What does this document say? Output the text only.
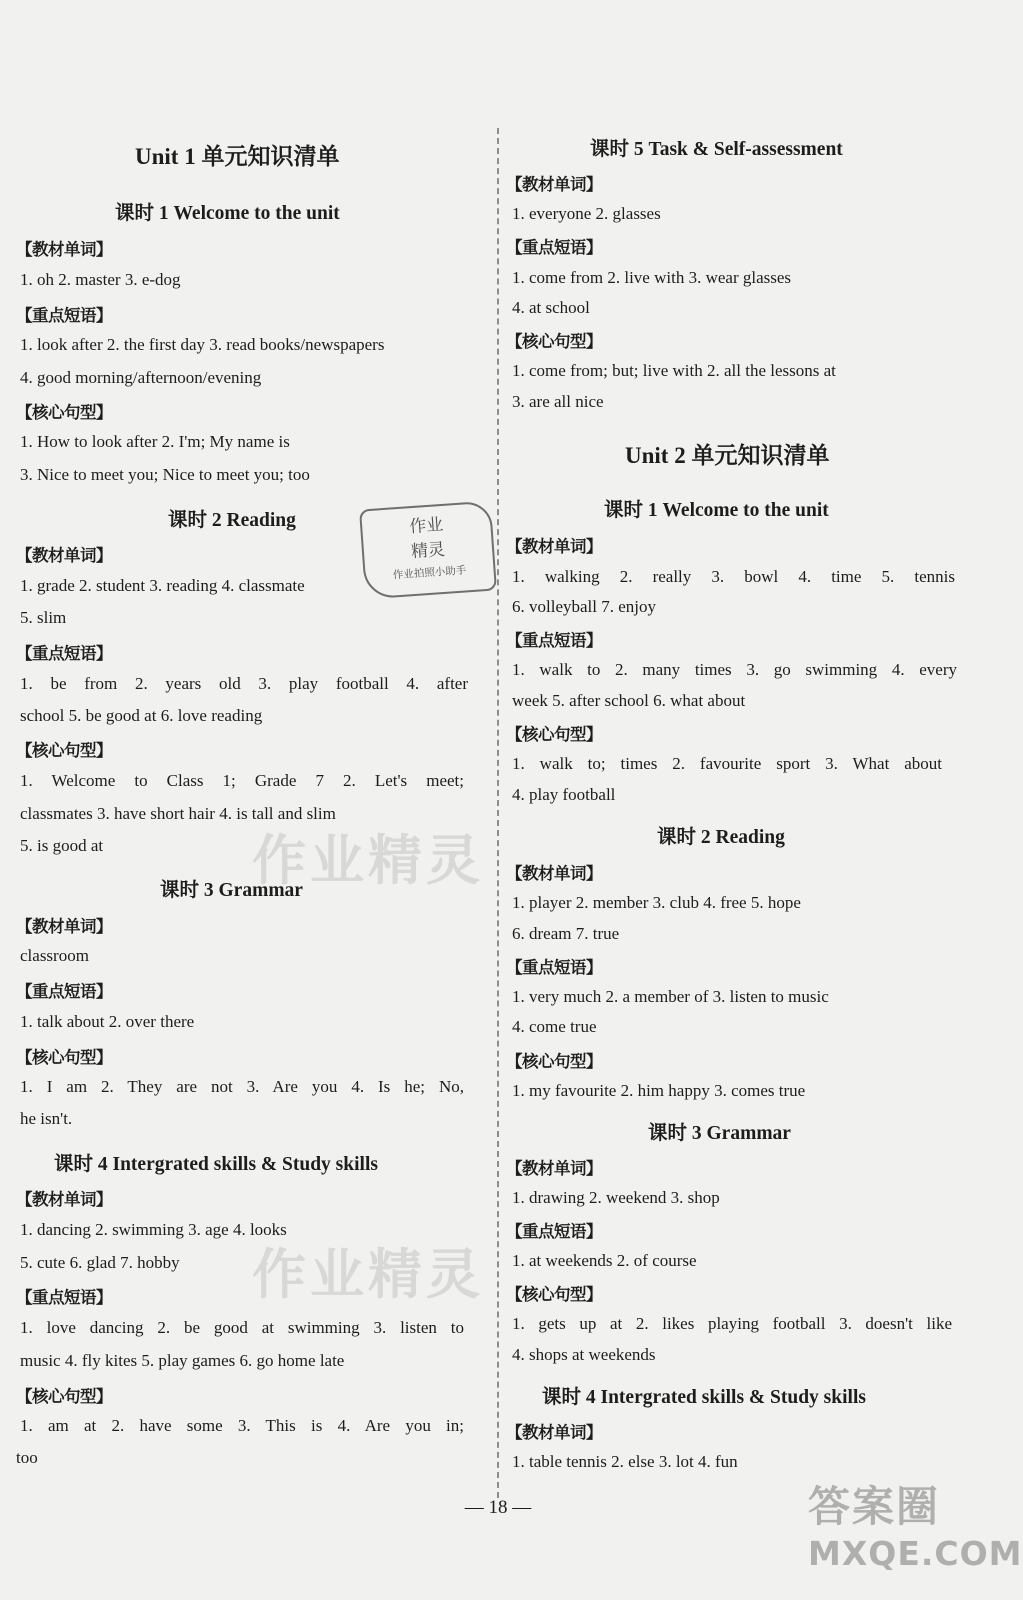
Unit 1 单元知识清单
课时 1 Welcome to the unit
【教材单词】
1. oh 2. master 3. e-dog
【重点短语】
1. look after 2. the first day 3. read books/newspapers
4. good morning/afternoon/evening
【核心句型】
1. How to look after 2. I'm; My name is
3. Nice to meet you; Nice to meet you; too
课时 2 Reading
【教材单词】
1. grade 2. student 3. reading 4. classmate
5. slim
【重点短语】
1. be from 2. years old 3. play football 4. after
school 5. be good at 6. love reading
【核心句型】
1. Welcome to Class 1; Grade 7 2. Let's meet;
classmates 3. have short hair 4. is tall and slim
5. is good at
课时 3 Grammar
【教材单词】
classroom
【重点短语】
1. talk about 2. over there
【核心句型】
1. I am 2. They are not 3. Are you 4. Is he; No,
he isn't.
课时 4 Intergrated skills & Study skills
【教材单词】
1. dancing 2. swimming 3. age 4. looks
5. cute 6. glad 7. hobby
【重点短语】
1. love dancing 2. be good at swimming 3. listen to
music 4. fly kites 5. play games 6. go home late
【核心句型】
1. am at 2. have some 3. This is 4. Are you in;
too
课时 5 Task & Self-assessment
【教材单词】
1. everyone 2. glasses
【重点短语】
1. come from 2. live with 3. wear glasses
4. at school
【核心句型】
1. come from; but; live with 2. all the lessons at
3. are all nice
Unit 2 单元知识清单
课时 1 Welcome to the unit
【教材单词】
1. walking 2. really 3. bowl 4. time 5. tennis
6. volleyball 7. enjoy
【重点短语】
1. walk to 2. many times 3. go swimming 4. every
week 5. after school 6. what about
【核心句型】
1. walk to; times 2. favourite sport 3. What about
4. play football
课时 2 Reading
【教材单词】
1. player 2. member 3. club 4. free 5. hope
6. dream 7. true
【重点短语】
1. very much 2. a member of 3. listen to music
4. come true
【核心句型】
1. my favourite 2. him happy 3. comes true
课时 3 Grammar
【教材单词】
1. drawing 2. weekend 3. shop
【重点短语】
1. at weekends 2. of course
【核心句型】
1. gets up at 2. likes playing football 3. doesn't like
4. shops at weekends
课时 4 Intergrated skills & Study skills
【教材单词】
1. table tennis 2. else 3. lot 4. fun
作业
精灵
作业拍照小助手
作业精灵
作业精灵
— 18 —	答案圈
MXQE.COM
